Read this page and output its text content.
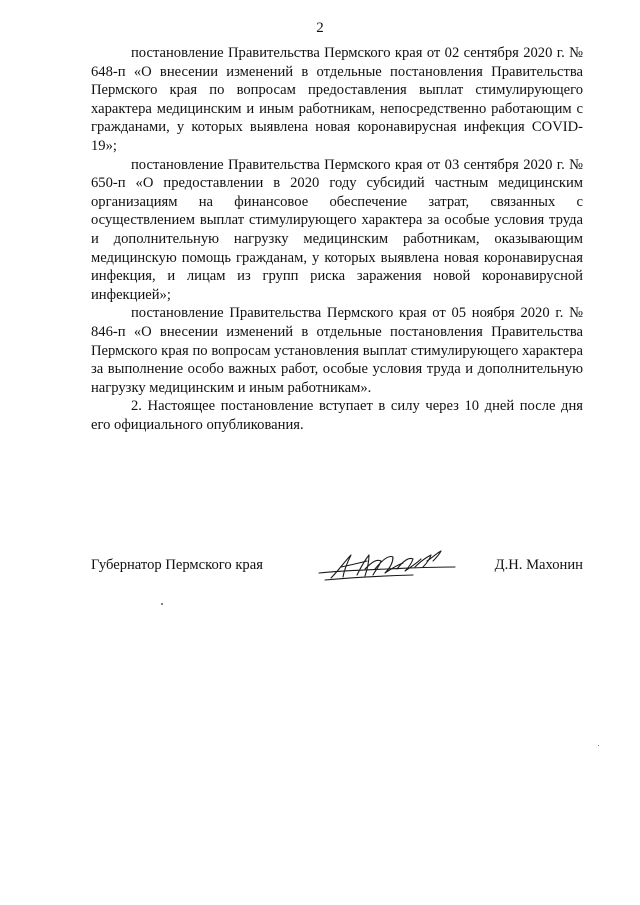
2

постановление Правительства Пермского края от 02 сентября 2020 г. № 648-п «О внесении изменений в отдельные постановления Правительства Пермского края по вопросам предоставления выплат стимулирующего характера медицинским и иным работникам, непосредственно работающим с гражданами, у которых выявлена новая коронавирусная инфекция COVID-19»;

постановление Правительства Пермского края от 03 сентября 2020 г. № 650-п «О предоставлении в 2020 году субсидий частным медицинским организациям на финансовое обеспечение затрат, связанных с осуществлением выплат стимулирующего характера за особые условия труда и дополнительную нагрузку медицинским работникам, оказывающим медицинскую помощь гражданам, у которых выявлена новая коронавирусная инфекция, и лицам из групп риска заражения новой коронавирусной инфекцией»;

постановление Правительства Пермского края от 05 ноября 2020 г. № 846-п «О внесении изменений в отдельные постановления Правительства Пермского края по вопросам установления выплат стимулирующего характера за выполнение особо важных работ, особые условия труда и дополнительную нагрузку медицинским и иным работникам».

2. Настоящее постановление вступает в силу через 10 дней после дня его официального опубликования.

Губернатор Пермского края	Д.Н. Махонин
